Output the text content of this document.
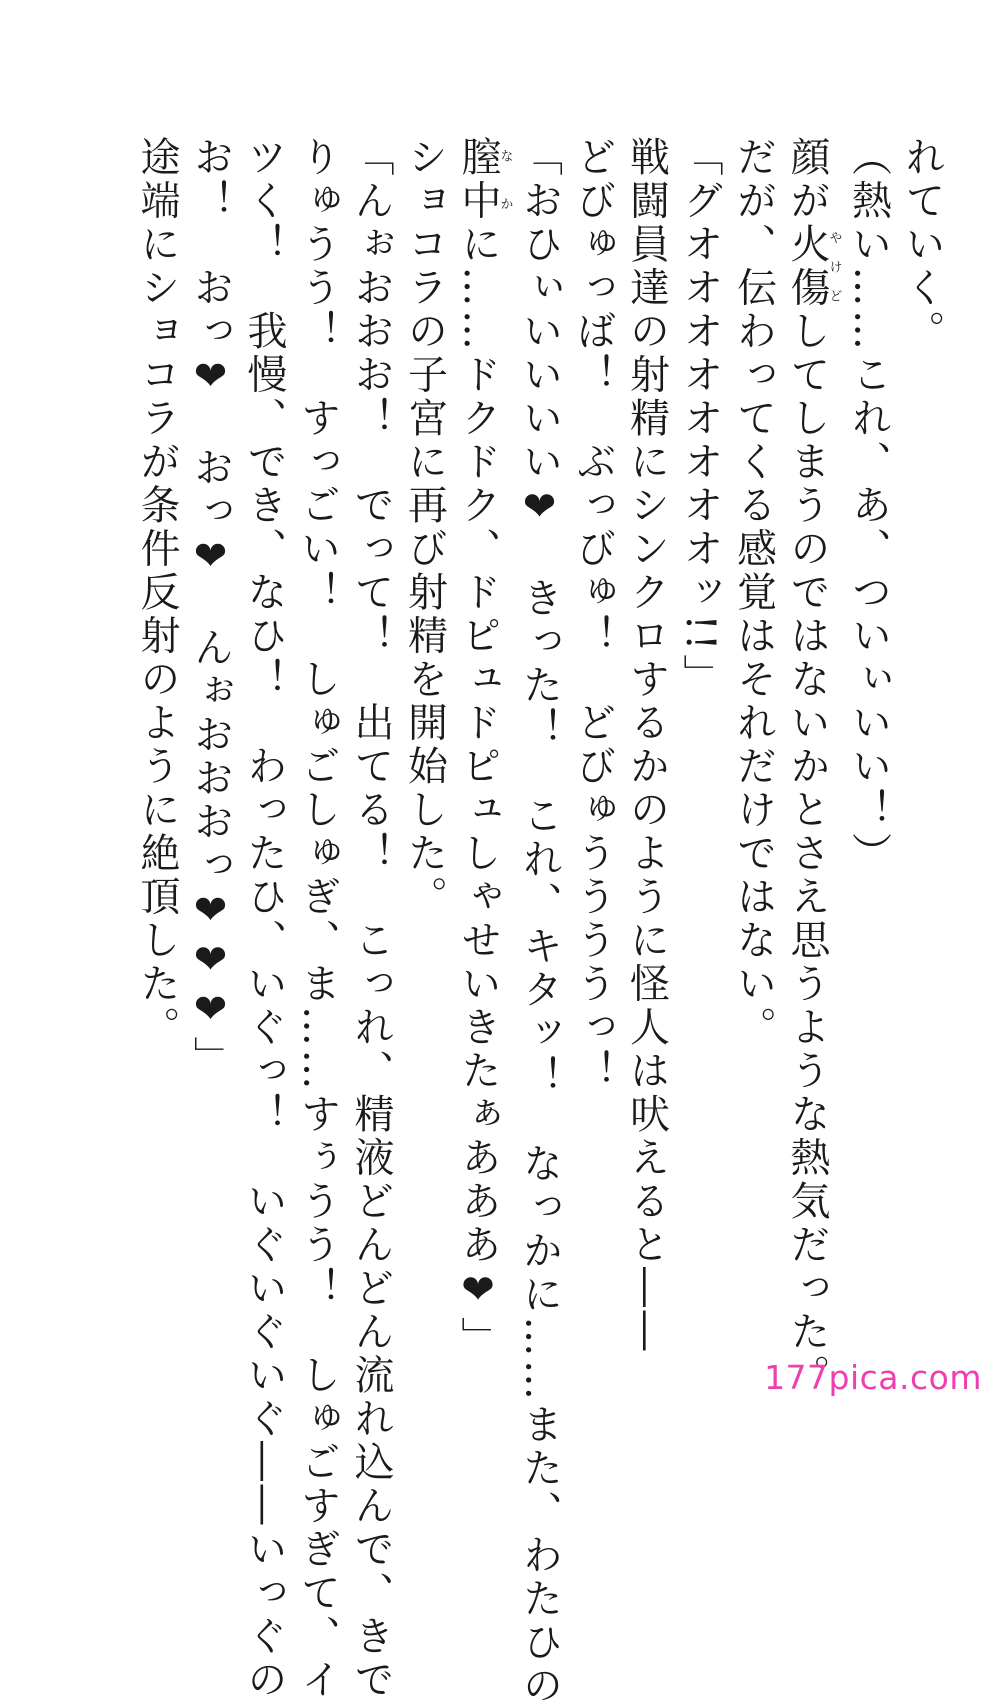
れていく。
（熱い……これ、あ、ついぃいい！）
顔が火傷やけどしてしまうのではないかとさえ思うような熱気だった。
だが、伝わってくる感覚はそれだけではない。
「グオオオオオオオオッ!!」
戦闘員達の射精にシンクロするかのように怪人は吠えると――
どびゅっば！　ぶっびゅ！　どびゅううううっ！
「おひぃいいいい❤　きった！　これ、キタッ！　なっかに……また、わたひの
膣中なかに……ドクドク、ドピュドピュしゃせいきたぁあああ❤」
ショコラの子宮に再び射精を開始した。
「んぉおおお！　でって！　出てる！　こっれ、精液どんどん流れ込んで、きで
りゅうう！　すっごい！　しゅごしゅぎ、ま……すぅうう！　しゅごすぎて、イ
ツく！　我慢、でき、なひ！　わったひ、いぐっ！　いぐいぐいぐ――いっぐの
お！　おっ❤　おっ❤　んぉおおおっ❤❤❤」
途端にショコラが条件反射のように絶頂した。
177pica.com
